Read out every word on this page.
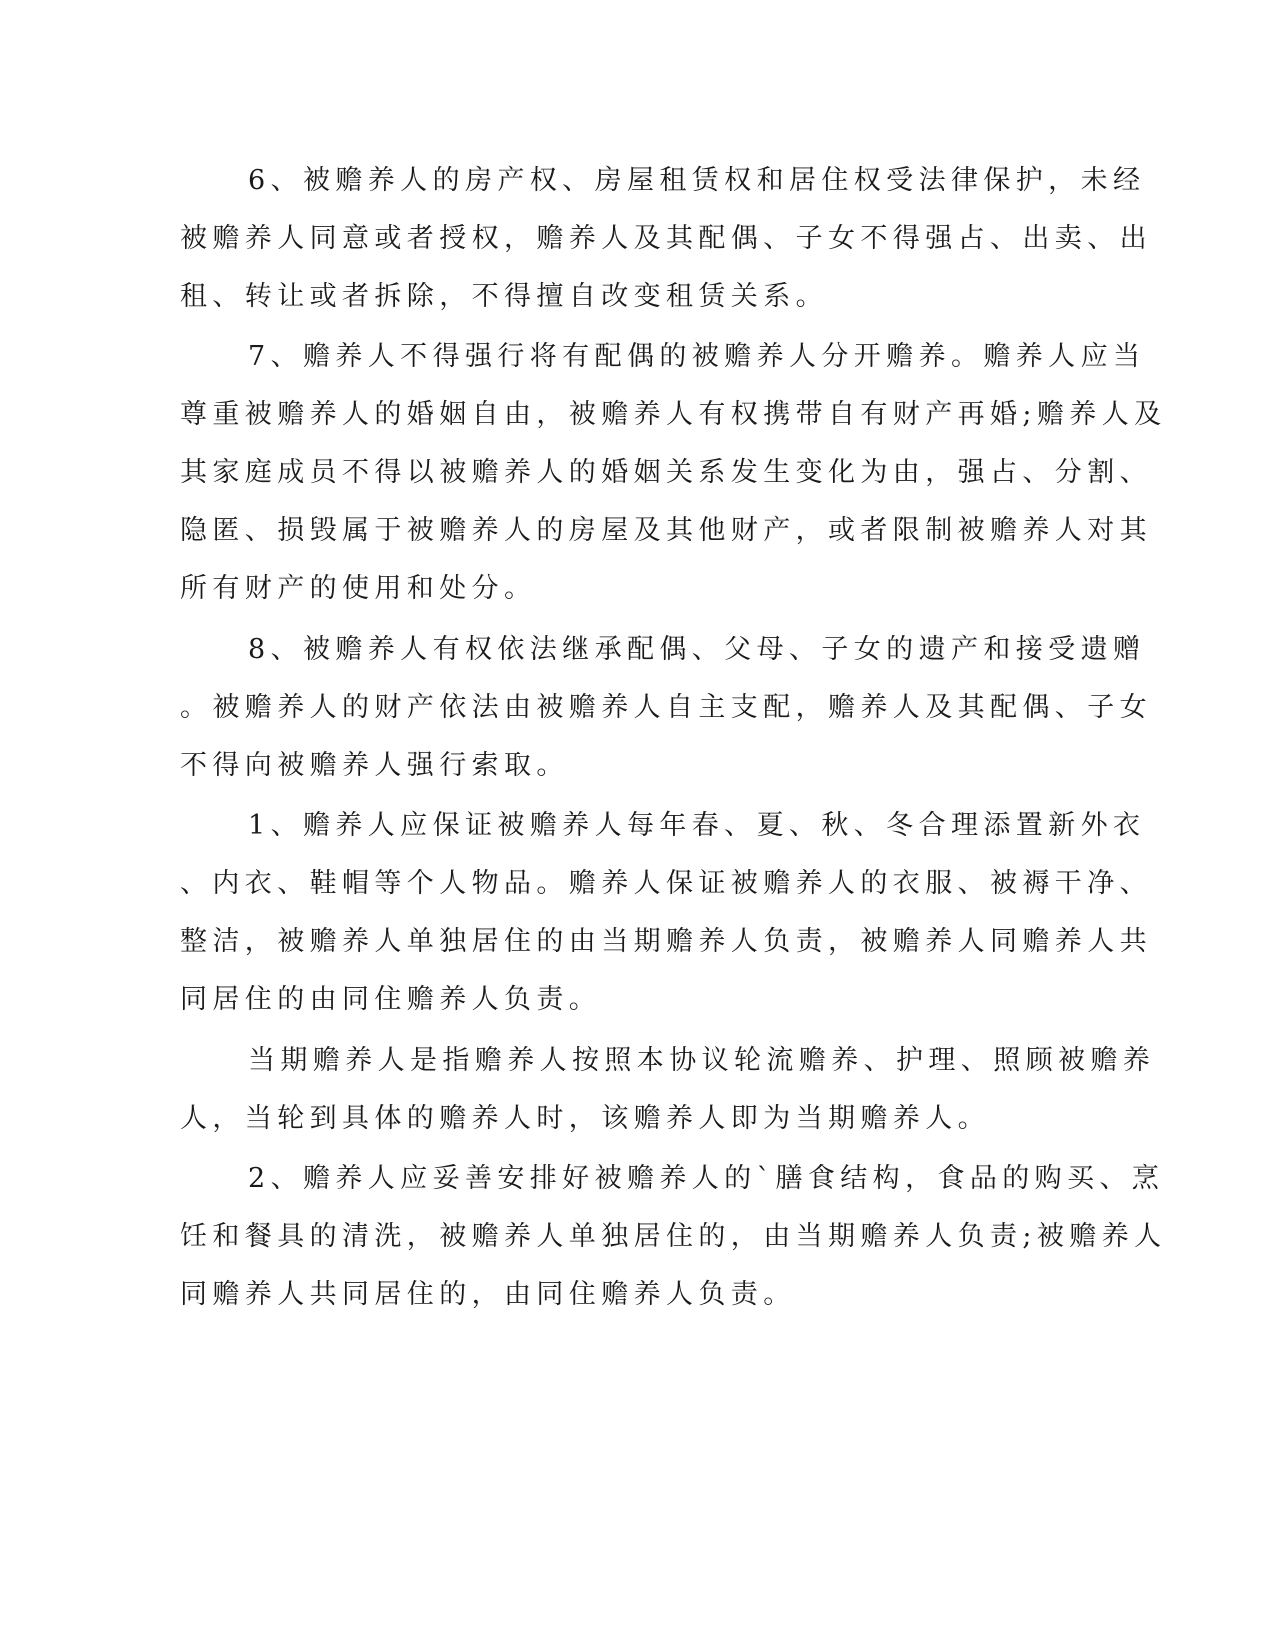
6、被赡养人的房产权、房屋租赁权和居住权受法律保护，未经
被赡养人同意或者授权，赡养人及其配偶、子女不得强占、出卖、出
租、转让或者拆除，不得擅自改变租赁关系。
7、赡养人不得强行将有配偶的被赡养人分开赡养。赡养人应当
尊重被赡养人的婚姻自由，被赡养人有权携带自有财产再婚;赡养人及
其家庭成员不得以被赡养人的婚姻关系发生变化为由，强占、分割、
隐匿、损毁属于被赡养人的房屋及其他财产，或者限制被赡养人对其
所有财产的使用和处分。
8、被赡养人有权依法继承配偶、父母、子女的遗产和接受遗赠
。被赡养人的财产依法由被赡养人自主支配，赡养人及其配偶、子女
不得向被赡养人强行索取。
1、赡养人应保证被赡养人每年春、夏、秋、冬合理添置新外衣
、内衣、鞋帽等个人物品。赡养人保证被赡养人的衣服、被褥干净、
整洁，被赡养人单独居住的由当期赡养人负责，被赡养人同赡养人共
同居住的由同住赡养人负责。
当期赡养人是指赡养人按照本协议轮流赡养、护理、照顾被赡养
人，当轮到具体的赡养人时，该赡养人即为当期赡养人。
2、赡养人应妥善安排好被赡养人的`膳食结构，食品的购买、烹
饪和餐具的清洗，被赡养人单独居住的，由当期赡养人负责;被赡养人
同赡养人共同居住的，由同住赡养人负责。
